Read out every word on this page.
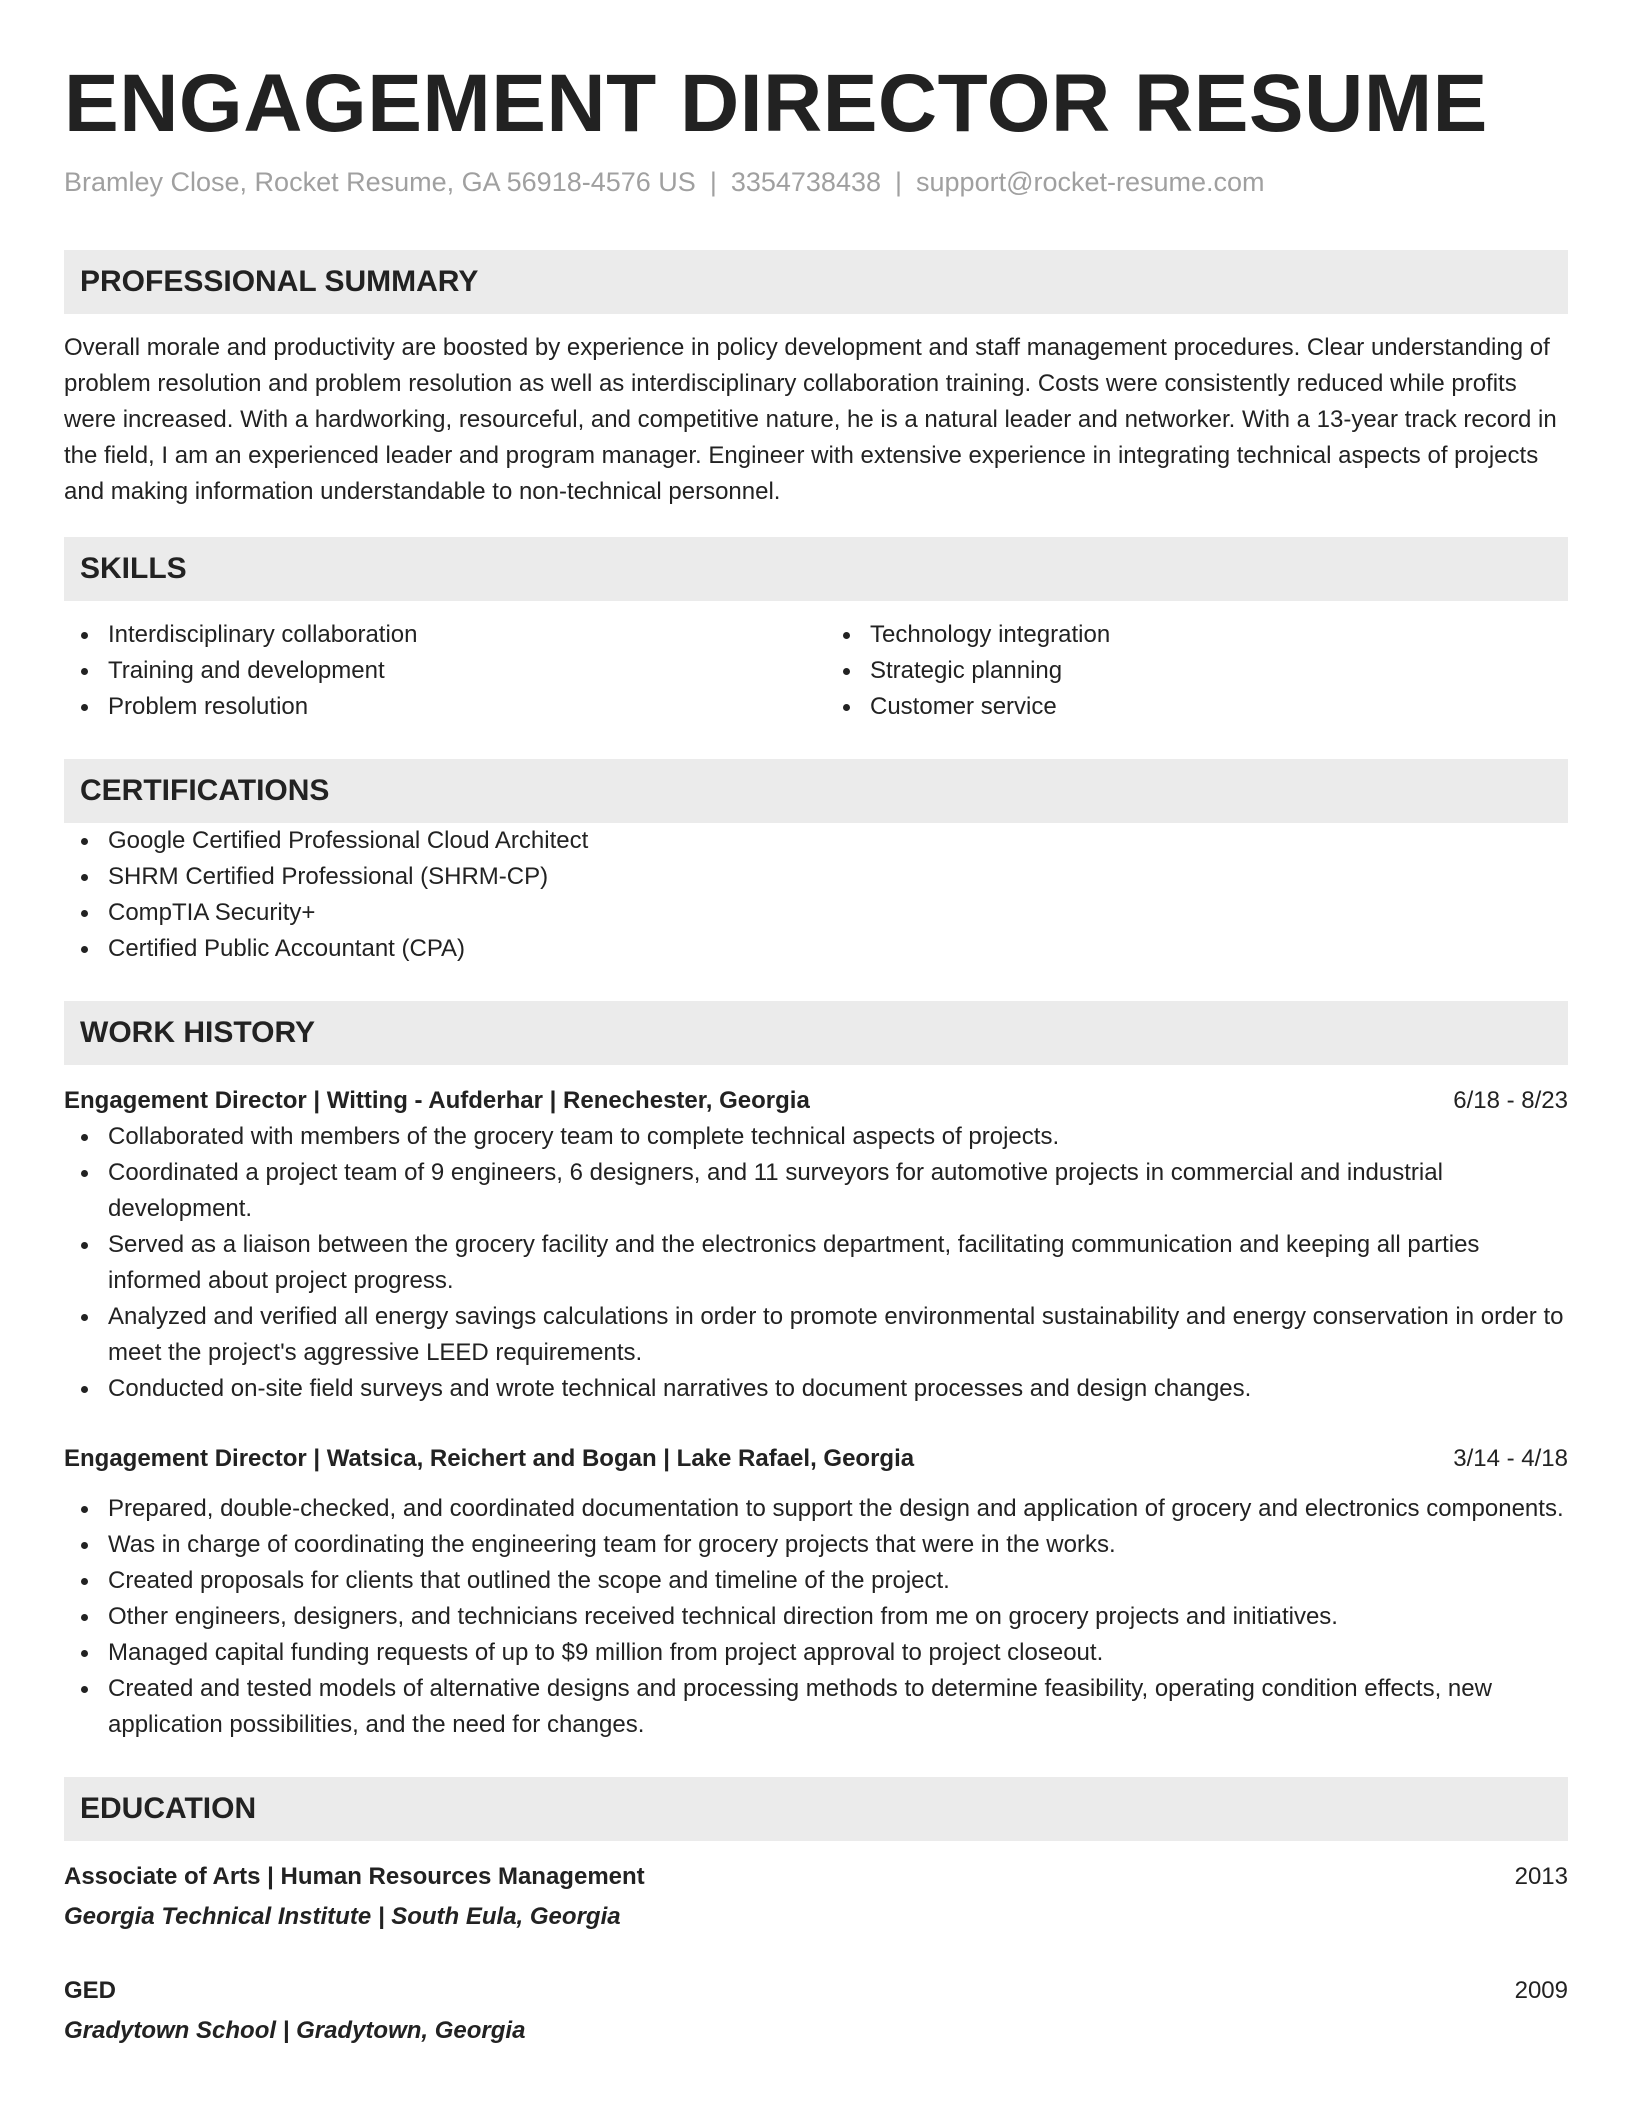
ENGAGEMENT DIRECTOR RESUME
Bramley Close, Rocket Resume, GA 56918-4576 US | 3354738438 | support@rocket-resume.com
PROFESSIONAL SUMMARY

Overall morale and productivity are boosted by experience in policy development and staff management procedures. Clear understanding of problem resolution and problem resolution as well as interdisciplinary collaboration training. Costs were consistently reduced while profits were increased. With a hardworking, resourceful, and competitive nature, he is a natural leader and networker. With a 13-year track record in the field, I am an experienced leader and program manager. Engineer with extensive experience in integrating technical aspects of projects and making information understandable to non-technical personnel.

SKILLS
Interdisciplinary collaboration
Training and development
Problem resolution
Technology integration
Strategic planning
Customer service
CERTIFICATIONS
Google Certified Professional Cloud Architect
SHRM Certified Professional (SHRM-CP)
CompTIA Security+
Certified Public Accountant (CPA)
WORK HISTORY
Engagement Director | Witting - Aufderhar | Renechester, Georgia	6/18 - 8/23
Collaborated with members of the grocery team to complete technical aspects of projects.
Coordinated a project team of 9 engineers, 6 designers, and 11 surveyors for automotive projects in commercial and industrial development.
Served as a liaison between the grocery facility and the electronics department, facilitating communication and keeping all parties informed about project progress.
Analyzed and verified all energy savings calculations in order to promote environmental sustainability and energy conservation in order to meet the project's aggressive LEED requirements.
Conducted on-site field surveys and wrote technical narratives to document processes and design changes.
Engagement Director | Watsica, Reichert and Bogan | Lake Rafael, Georgia	3/14 - 4/18
Prepared, double-checked, and coordinated documentation to support the design and application of grocery and electronics components.
Was in charge of coordinating the engineering team for grocery projects that were in the works.
Created proposals for clients that outlined the scope and timeline of the project.
Other engineers, designers, and technicians received technical direction from me on grocery projects and initiatives.
Managed capital funding requests of up to $9 million from project approval to project closeout.
Created and tested models of alternative designs and processing methods to determine feasibility, operating condition effects, new application possibilities, and the need for changes.
EDUCATION
Associate of Arts | Human Resources Management	2013
Georgia Technical Institute | South Eula, Georgia
GED	2009
Gradytown School | Gradytown, Georgia
